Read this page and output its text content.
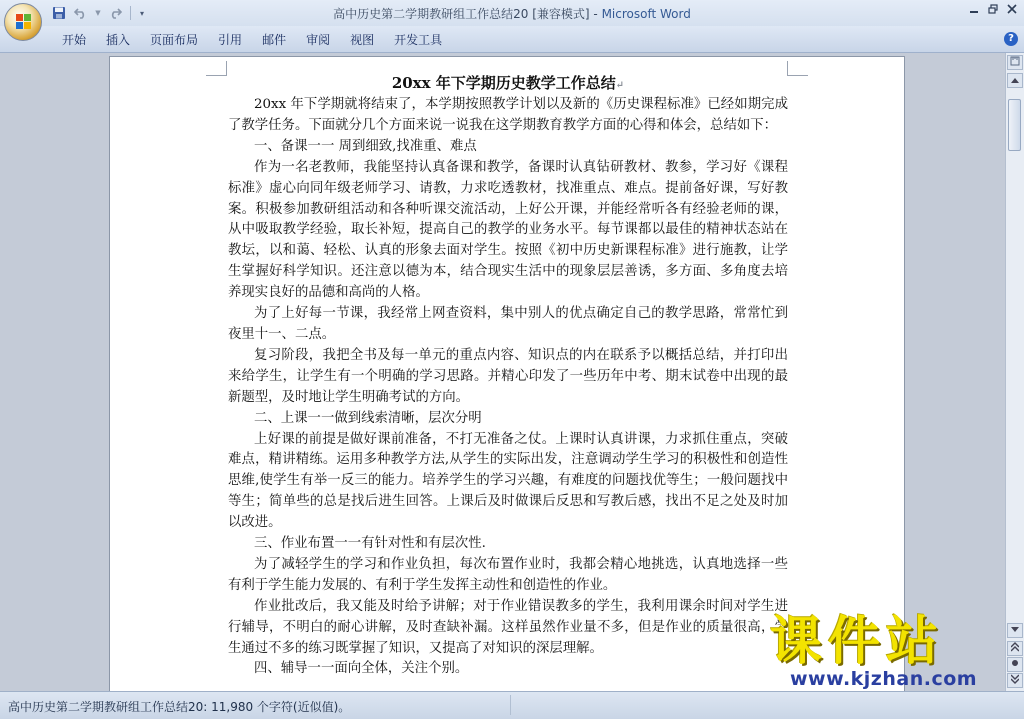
▼	▾	高中历史第二学期教研组工作总结20 [兼容模式] - Microsoft Word
开始	插入	页面布局	引用	邮件	审阅	视图	开发工具	?
20xx 年下学期历史教学工作总结↵

20xx 年下学期就将结束了，本学期按照教学计划以及新的《历史课程标准》已经如期完成了教学任务。下面就分几个方面来说一说我在这学期教育教学方面的心得和体会，总结如下：

一、备课一一 周到细致,找准重、难点

作为一名老教师，我能坚持认真备课和教学，备课时认真钻研教材、教参，学习好《课程标准》虚心向同年级老师学习、请教，力求吃透教材，找准重点、难点。提前备好课，写好教案。积极参加教研组活动和各种听课交流活动，上好公开课，并能经常听各有经验老师的课，从中吸取教学经验，取长补短，提高自己的教学的业务水平。每节课都以最佳的精神状态站在教坛，以和蔼、轻松、认真的形象去面对学生。按照《初中历史新课程标准》进行施教，让学生掌握好科学知识。还注意以德为本，结合现实生活中的现象层层善诱，多方面、多角度去培养现实良好的品德和高尚的人格。

为了上好每一节课，我经常上网查资料，集中别人的优点确定自己的教学思路，常常忙到夜里十一、二点。

复习阶段，我把全书及每一单元的重点内容、知识点的内在联系予以概括总结，并打印出来给学生，让学生有一个明确的学习思路。并精心印发了一些历年中考、期末试卷中出现的最新题型，及时地让学生明确考试的方向。

二、上课一一做到线索清晰，层次分明

上好课的前提是做好课前准备，不打无准备之仗。上课时认真讲课，力求抓住重点，突破难点，精讲精练。运用多种教学方法,从学生的实际出发，注意调动学生学习的积极性和创造性思维,使学生有举一反三的能力。培养学生的学习兴趣，有难度的问题找优等生；一般问题找中等生；简单些的总是找后进生回答。上课后及时做课后反思和写教后感，找出不足之处及时加以改进。

三、作业布置一一有针对性和有层次性.

为了减轻学生的学习和作业负担，每次布置作业时，我都会精心地挑选，认真地选择一些有利于学生能力发展的、有利于学生发挥主动性和创造性的作业。

作业批改后，我又能及时给予讲解；对于作业错误教多的学生，我利用课余时间对学生进行辅导，不明白的耐心讲解，及时查缺补漏。这样虽然作业量不多，但是作业的质量很高，学生通过不多的练习既掌握了知识，又提高了对知识的深层理解。

四、辅导一一面向全体，关注个别。

高中历史第二学期教研组工作总结20: 11,980 个字符(近似值)。
课件站
www.kjzhan.com
